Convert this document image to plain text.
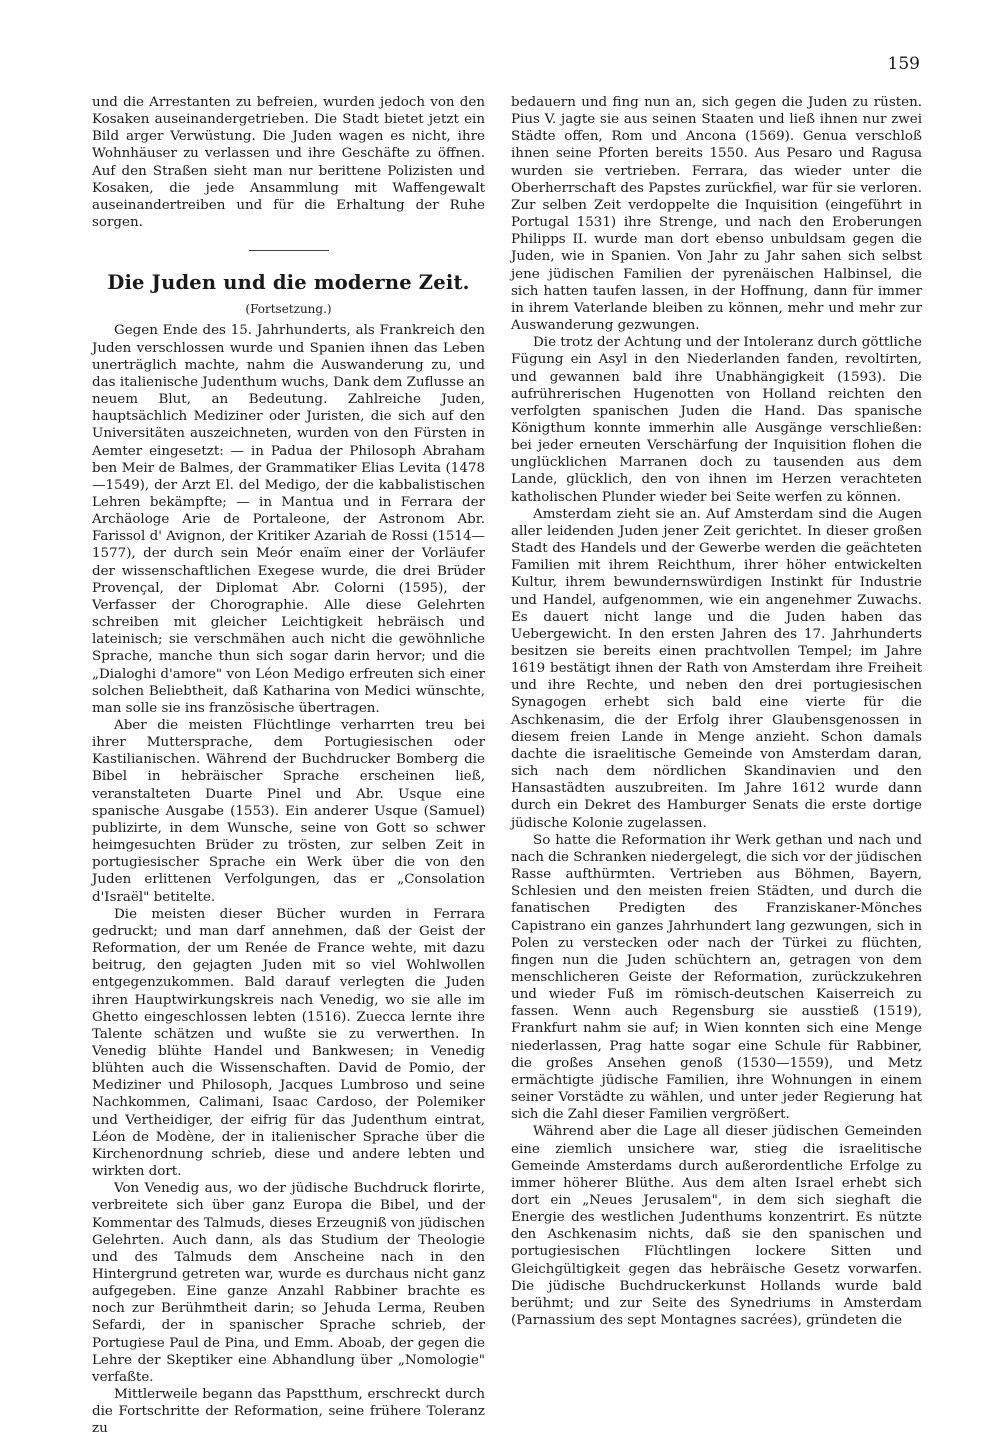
159

und die Arrestanten zu befreien, wurden jedoch von den Kosaken auseinandergetrieben. Die Stadt bietet jetzt ein Bild arger Verwüstung. Die Juden wagen es nicht, ihre Wohnhäuser zu verlassen und ihre Geschäfte zu öffnen. Auf den Straßen sieht man nur berittene Polizisten und Kosaken, die jede Ansammlung mit Waffengewalt auseinandertreiben und für die Erhaltung der Ruhe sorgen.

Die Juden und die moderne Zeit.

(Fortsetzung.)

Gegen Ende des 15. Jahrhunderts, als Frankreich den Juden verschlossen wurde und Spanien ihnen das Leben unerträglich machte, nahm die Auswanderung zu, und das italienische Judenthum wuchs, Dank dem Zuflusse an neuem Blut, an Bedeutung. Zahlreiche Juden, hauptsächlich Mediziner oder Juristen, die sich auf den Universitäten auszeichneten, wurden von den Fürsten in Aemter eingesetzt: — in Padua der Philosoph Abraham ben Meir de Balmes, der Grammatiker Elias Levita (1478—1549), der Arzt El. del Medigo, der die kabbalistischen Lehren bekämpfte; — in Mantua und in Ferrara der Archäologe Arie de Portaleone, der Astronom Abr. Farissol d' Avignon, der Kritiker Azariah de Rossi (1514—1577), der durch sein Meór enaïm einer der Vorläufer der wissenschaftlichen Exegese wurde, die drei Brüder Provençal, der Diplomat Abr. Colorni (1595), der Verfasser der Chorographie. Alle diese Gelehrten schreiben mit gleicher Leichtigkeit hebräisch und lateinisch; sie verschmähen auch nicht die gewöhnliche Sprache, manche thun sich sogar darin hervor; und die „Dialoghi d'amore" von Léon Medigo erfreuten sich einer solchen Beliebtheit, daß Katharina von Medici wünschte, man solle sie ins französische übertragen.

Aber die meisten Flüchtlinge verharrten treu bei ihrer Muttersprache, dem Portugiesischen oder Kastilianischen. Während der Buchdrucker Bomberg die Bibel in hebräischer Sprache erscheinen ließ, veranstalteten Duarte Pinel und Abr. Usque eine spanische Ausgabe (1553). Ein anderer Usque (Samuel) publizirte, in dem Wunsche, seine von Gott so schwer heimgesuchten Brüder zu trösten, zur selben Zeit in portugiesischer Sprache ein Werk über die von den Juden erlittenen Verfolgungen, das er „Consolation d'Israël" betitelte.

Die meisten dieser Bücher wurden in Ferrara gedruckt; und man darf annehmen, daß der Geist der Reformation, der um Renée de France wehte, mit dazu beitrug, den gejagten Juden mit so viel Wohlwollen entgegenzukommen. Bald darauf verlegten die Juden ihren Hauptwirkungskreis nach Venedig, wo sie alle im Ghetto eingeschlossen lebten (1516). Zuecca lernte ihre Talente schätzen und wußte sie zu verwerthen. In Venedig blühte Handel und Bankwesen; in Venedig blühten auch die Wissenschaften. David de Pomio, der Mediziner und Philosoph, Jacques Lumbroso und seine Nachkommen, Calimani, Isaac Cardoso, der Polemiker und Vertheidiger, der eifrig für das Judenthum eintrat, Léon de Modène, der in italienischer Sprache über die Kirchenordnung schrieb, diese und andere lebten und wirkten dort.

Von Venedig aus, wo der jüdische Buchdruck florirte, verbreitete sich über ganz Europa die Bibel, und der Kommentar des Talmuds, dieses Erzeugniß von jüdischen Gelehrten. Auch dann, als das Studium der Theologie und des Talmuds dem Anscheine nach in den Hintergrund getreten war, wurde es durchaus nicht ganz aufgegeben. Eine ganze Anzahl Rabbiner brachte es noch zur Berühmtheit darin; so Jehuda Lerma, Reuben Sefardi, der in spanischer Sprache schrieb, der Portugiese Paul de Pina, und Emm. Aboab, der gegen die Lehre der Skeptiker eine Abhandlung über „Nomologie" verfaßte.

Mittlerweile begann das Papstthum, erschreckt durch die Fortschritte der Reformation, seine frühere Toleranz zu

bedauern und fing nun an, sich gegen die Juden zu rüsten. Pius V. jagte sie aus seinen Staaten und ließ ihnen nur zwei Städte offen, Rom und Ancona (1569). Genua verschloß ihnen seine Pforten bereits 1550. Aus Pesaro und Ragusa wurden sie vertrieben. Ferrara, das wieder unter die Oberherrschaft des Papstes zurückfiel, war für sie verloren. Zur selben Zeit verdoppelte die Inquisition (eingeführt in Portugal 1531) ihre Strenge, und nach den Eroberungen Philipps II. wurde man dort ebenso unbuldsam gegen die Juden, wie in Spanien. Von Jahr zu Jahr sahen sich selbst jene jüdischen Familien der pyrenäischen Halbinsel, die sich hatten taufen lassen, in der Hoffnung, dann für immer in ihrem Vaterlande bleiben zu können, mehr und mehr zur Auswanderung gezwungen.

Die trotz der Achtung und der Intoleranz durch göttliche Fügung ein Asyl in den Niederlanden fanden, revoltirten, und gewannen bald ihre Unabhängigkeit (1593). Die aufrührerischen Hugenotten von Holland reichten den verfolgten spanischen Juden die Hand. Das spanische Königthum konnte immerhin alle Ausgänge verschließen: bei jeder erneuten Verschärfung der Inquisition flohen die unglücklichen Marranen doch zu tausenden aus dem Lande, glücklich, den von ihnen im Herzen verachteten katholischen Plunder wieder bei Seite werfen zu können.

Amsterdam zieht sie an. Auf Amsterdam sind die Augen aller leidenden Juden jener Zeit gerichtet. In dieser großen Stadt des Handels und der Gewerbe werden die geächteten Familien mit ihrem Reichthum, ihrer höher entwickelten Kultur, ihrem bewundernswürdigen Instinkt für Industrie und Handel, aufgenommen, wie ein angenehmer Zuwachs. Es dauert nicht lange und die Juden haben das Uebergewicht. In den ersten Jahren des 17. Jahrhunderts besitzen sie bereits einen prachtvollen Tempel; im Jahre 1619 bestätigt ihnen der Rath von Amsterdam ihre Freiheit und ihre Rechte, und neben den drei portugiesischen Synagogen erhebt sich bald eine vierte für die Aschkenasim, die der Erfolg ihrer Glaubensgenossen in diesem freien Lande in Menge anzieht. Schon damals dachte die israelitische Gemeinde von Amsterdam daran, sich nach dem nördlichen Skandinavien und den Hansastädten auszubreiten. Im Jahre 1612 wurde dann durch ein Dekret des Hamburger Senats die erste dortige jüdische Kolonie zugelassen.

So hatte die Reformation ihr Werk gethan und nach und nach die Schranken niedergelegt, die sich vor der jüdischen Rasse aufthürmten. Vertrieben aus Böhmen, Bayern, Schlesien und den meisten freien Städten, und durch die fanatischen Predigten des Franziskaner-Mönches Capistrano ein ganzes Jahrhundert lang gezwungen, sich in Polen zu verstecken oder nach der Türkei zu flüchten, fingen nun die Juden schüchtern an, getragen von dem menschlicheren Geiste der Reformation, zurückzukehren und wieder Fuß im römisch-deutschen Kaiserreich zu fassen. Wenn auch Regensburg sie ausstieß (1519), Frankfurt nahm sie auf; in Wien konnten sich eine Menge niederlassen, Prag hatte sogar eine Schule für Rabbiner, die großes Ansehen genoß (1530—1559), und Metz ermächtigte jüdische Familien, ihre Wohnungen in einem seiner Vorstädte zu wählen, und unter jeder Regierung hat sich die Zahl dieser Familien vergrößert.

Während aber die Lage all dieser jüdischen Gemeinden eine ziemlich unsichere war, stieg die israelitische Gemeinde Amsterdams durch außerordentliche Erfolge zu immer höherer Blüthe. Aus dem alten Israel erhebt sich dort ein „Neues Jerusalem", in dem sich sieghaft die Energie des westlichen Judenthums konzentrirt. Es nützte den Aschkenasim nichts, daß sie den spanischen und portugiesischen Flüchtlingen lockere Sitten und Gleichgültigkeit gegen das hebräische Gesetz vorwarfen. Die jüdische Buchdruckerkunst Hollands wurde bald berühmt; und zur Seite des Synedriums in Amsterdam (Parnassium des sept Montagnes sacrées), gründeten die
